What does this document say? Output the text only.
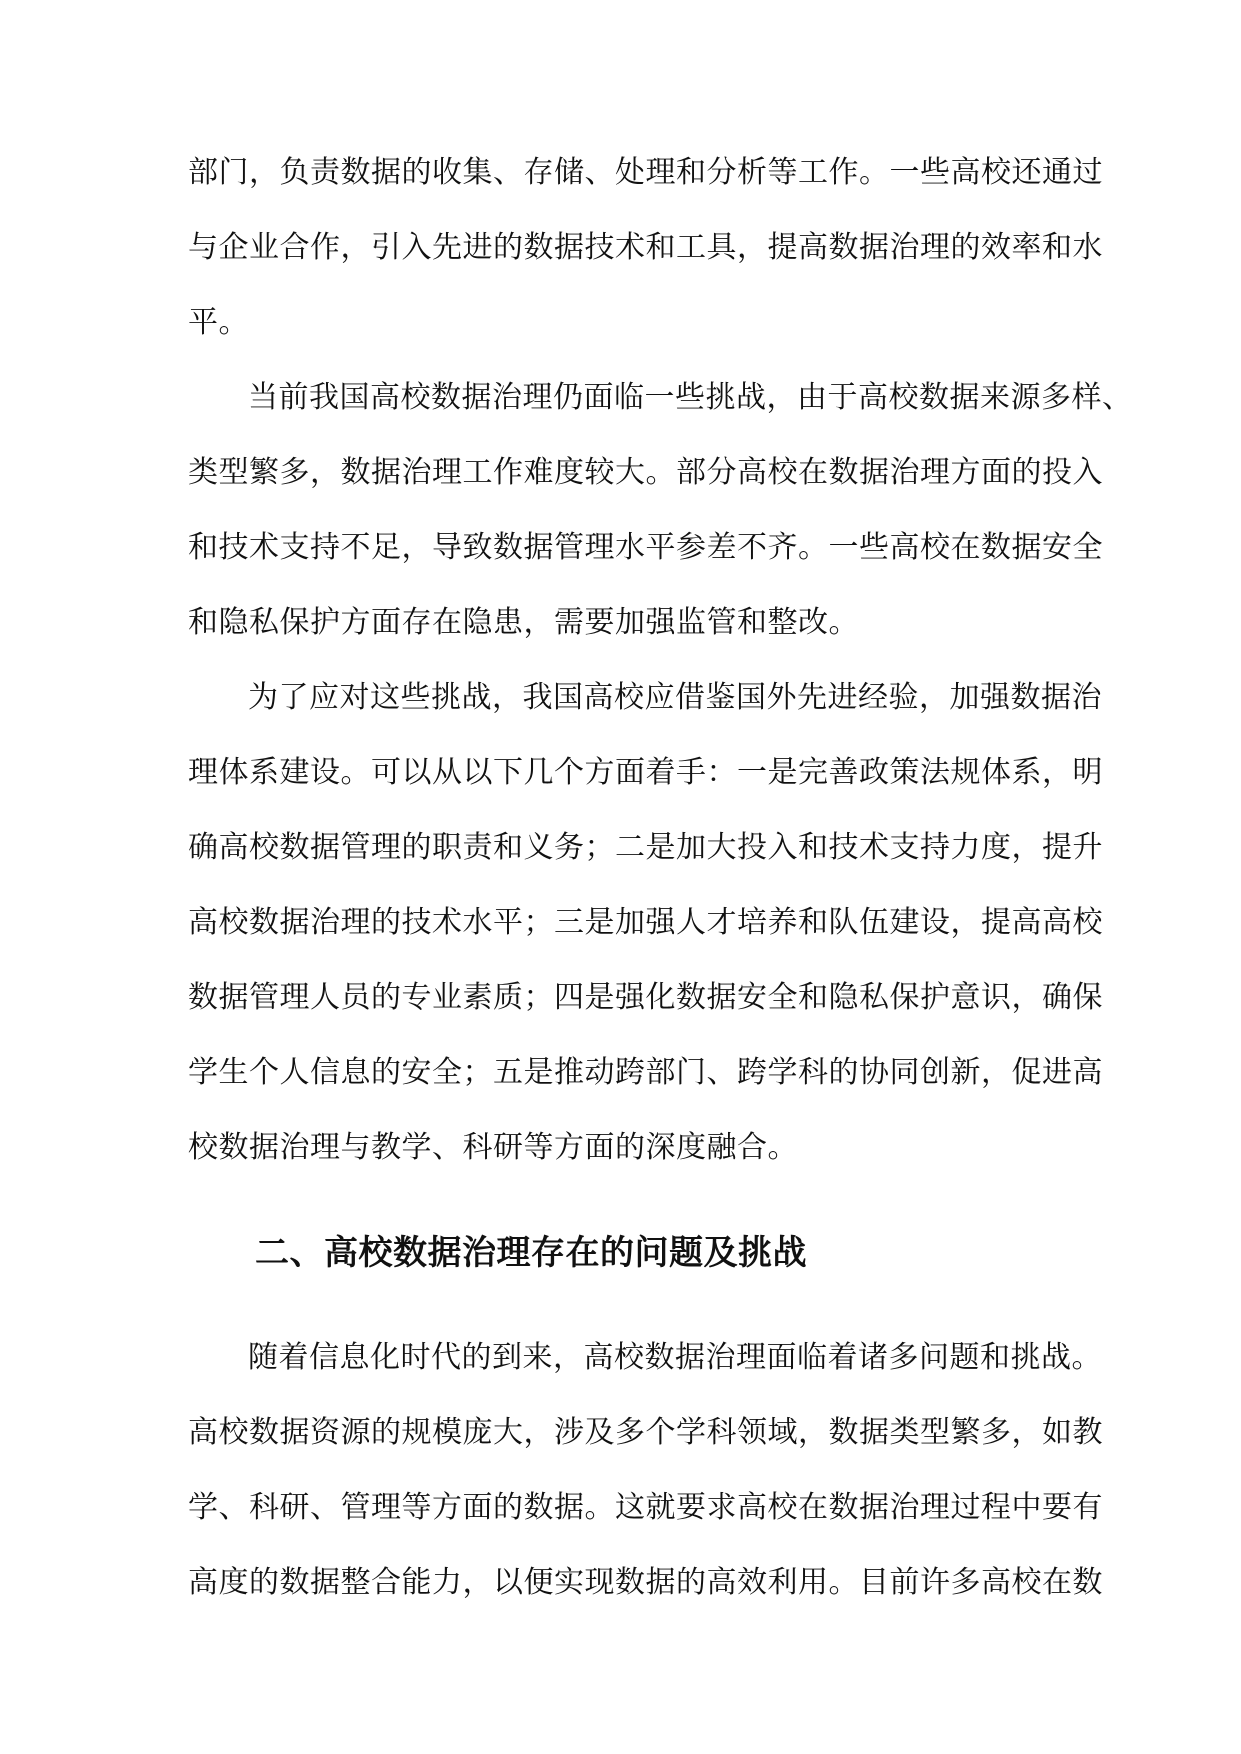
部门，负责数据的收集、存储、处理和分析等工作。一些高校还通过
与企业合作，引入先进的数据技术和工具，提高数据治理的效率和水
平。
当前我国高校数据治理仍面临一些挑战，由于高校数据来源多样、
类型繁多，数据治理工作难度较大。部分高校在数据治理方面的投入
和技术支持不足，导致数据管理水平参差不齐。一些高校在数据安全
和隐私保护方面存在隐患，需要加强监管和整改。
为了应对这些挑战，我国高校应借鉴国外先进经验，加强数据治
理体系建设。可以从以下几个方面着手：一是完善政策法规体系，明
确高校数据管理的职责和义务；二是加大投入和技术支持力度，提升
高校数据治理的技术水平；三是加强人才培养和队伍建设，提高高校
数据管理人员的专业素质；四是强化数据安全和隐私保护意识，确保
学生个人信息的安全；五是推动跨部门、跨学科的协同创新，促进高
校数据治理与教学、科研等方面的深度融合。
二、高校数据治理存在的问题及挑战
随着信息化时代的到来，高校数据治理面临着诸多问题和挑战。
高校数据资源的规模庞大，涉及多个学科领域，数据类型繁多，如教
学、科研、管理等方面的数据。这就要求高校在数据治理过程中要有
高度的数据整合能力，以便实现数据的高效利用。目前许多高校在数
